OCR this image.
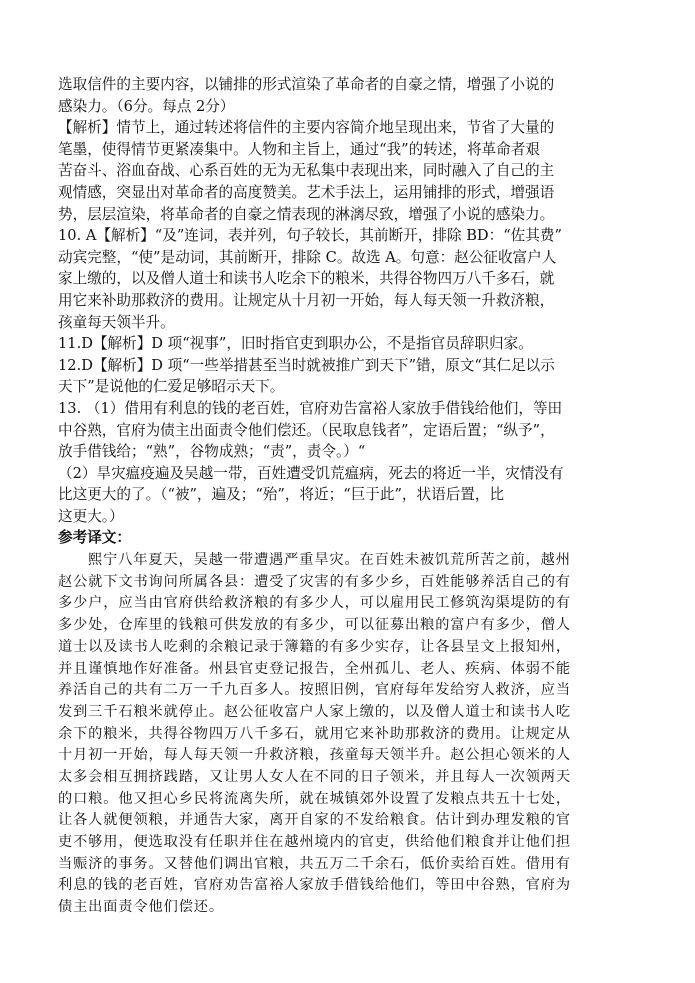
选取信件的主要内容，以铺排的形式渲染了革命者的自豪之情，增强了小说的
感染力。（6分。每点 2分）
【解析】情节上，通过转述将信件的主要内容简介地呈现出来，节省了大量的
笔墨，使得情节更紧凑集中。人物和主旨上，通过“我”的转述，将革命者艰
苦奋斗、浴血奋战、心系百姓的无为无私集中表现出来，同时融入了自己的主
观情感，突显出对革命者的高度赞美。艺术手法上，运用铺排的形式，增强语
势，层层渲染，将革命者的自豪之情表现的淋漓尽致，增强了小说的感染力。
10. A【解析】“及”连词，表并列，句子较长，其前断开，排除 BD：“佐其费”
动宾完整，“使”是动词，其前断开，排除 C。故选 A。句意：赵公征收富户人
家上缴的，以及僧人道士和读书人吃余下的粮米，共得谷物四万八千多石，就
用它来补助那救济的费用。让规定从十月初一开始，每人每天领一升救济粮，
孩童每天领半升。
11.D【解析】D 项“视事”，旧时指官吏到职办公，不是指官员辞职归家。
12.D【解析】D 项“一些举措甚至当时就被推广到天下”错，原文“其仁足以示
天下”是说他的仁爱足够昭示天下。
13. （1）借用有利息的钱的老百姓，官府劝告富裕人家放手借钱给他们，等田
中谷熟，官府为债主出面责令他们偿还。（民取息钱者”，定语后置；“纵予”，
放手借钱给；“熟”，谷物成熟；“责”，责令。）“
（2）旱灾瘟疫遍及吴越一带，百姓遭受饥荒瘟病，死去的将近一半，灾情没有
比这更大的了。（“被”，遍及；“殆”，将近；“巨于此”，状语后置，比
这更大。）
参考译文：
熙宁八年夏天，吴越一带遭遇严重旱灾。在百姓未被饥荒所苦之前，越州
赵公就下文书询问所属各县：遭受了灾害的有多少乡，百姓能够养活自己的有
多少户，应当由官府供给救济粮的有多少人，可以雇用民工修筑沟渠堤防的有
多少处，仓库里的钱粮可供发放的有多少，可以征募出粮的富户有多少，僧人
道士以及读书人吃剩的余粮记录于簿籍的有多少实存，让各县呈文上报知州，
并且谨慎地作好准备。州县官吏登记报告，全州孤儿、老人、疾病、体弱不能
养活自己的共有二万一千九百多人。按照旧例，官府每年发给穷人救济，应当
发到三千石粮米就停止。赵公征收富户人家上缴的，以及僧人道士和读书人吃
余下的粮米，共得谷物四万八千多石，就用它来补助那救济的费用。让规定从
十月初一开始，每人每天领一升救济粮，孩童每天领半升。赵公担心领米的人
太多会相互拥挤践踏，又让男人女人在不同的日子领米，并且每人一次领两天
的口粮。他又担心乡民将流离失所，就在城镇郊外设置了发粮点共五十七处，
让各人就便领粮，并通告大家，离开自家的不发给粮食。估计到办理发粮的官
吏不够用，便选取没有任职并住在越州境内的官吏，供给他们粮食并让他们担
当赈济的事务。又替他们调出官粮，共五万二千余石，低价卖给百姓。借用有
利息的钱的老百姓，官府劝告富裕人家放手借钱给他们，等田中谷熟，官府为
债主出面责令他们偿还。
